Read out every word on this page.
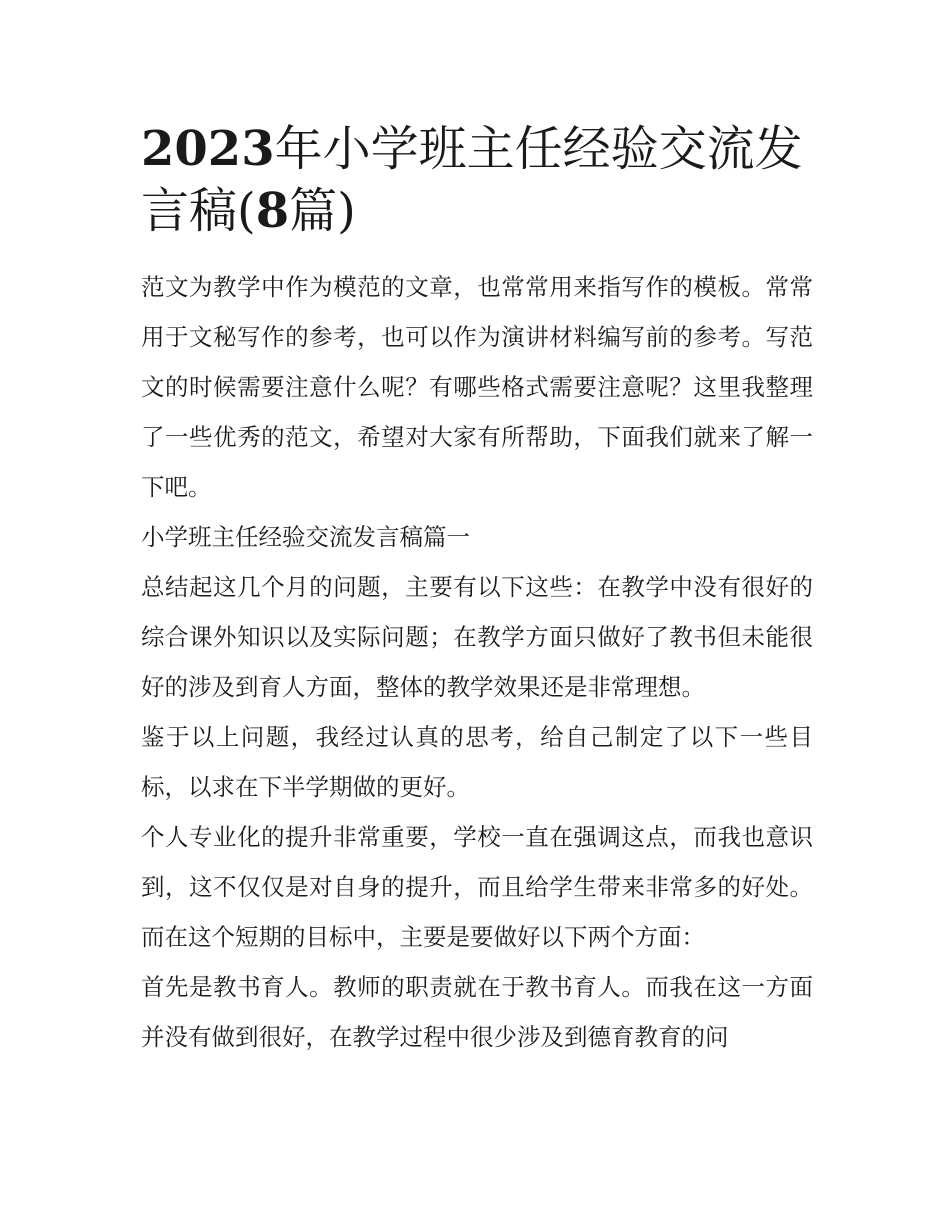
2023年小学班主任经验交流发言稿(8篇)

范文为教学中作为模范的文章，也常常用来指写作的模板。常常用于文秘写作的参考，也可以作为演讲材料编写前的参考。写范文的时候需要注意什么呢？有哪些格式需要注意呢？这里我整理了一些优秀的范文，希望对大家有所帮助，下面我们就来了解一下吧。

小学班主任经验交流发言稿篇一

总结起这几个月的问题，主要有以下这些：在教学中没有很好的综合课外知识以及实际问题；在教学方面只做好了教书但未能很好的涉及到育人方面，整体的教学效果还是非常理想。

鉴于以上问题，我经过认真的思考，给自己制定了以下一些目标，以求在下半学期做的更好。

个人专业化的提升非常重要，学校一直在强调这点，而我也意识到，这不仅仅是对自身的提升，而且给学生带来非常多的好处。而在这个短期的目标中，主要是要做好以下两个方面：

首先是教书育人。教师的职责就在于教书育人。而我在这一方面并没有做到很好，在教学过程中很少涉及到德育教育的问
